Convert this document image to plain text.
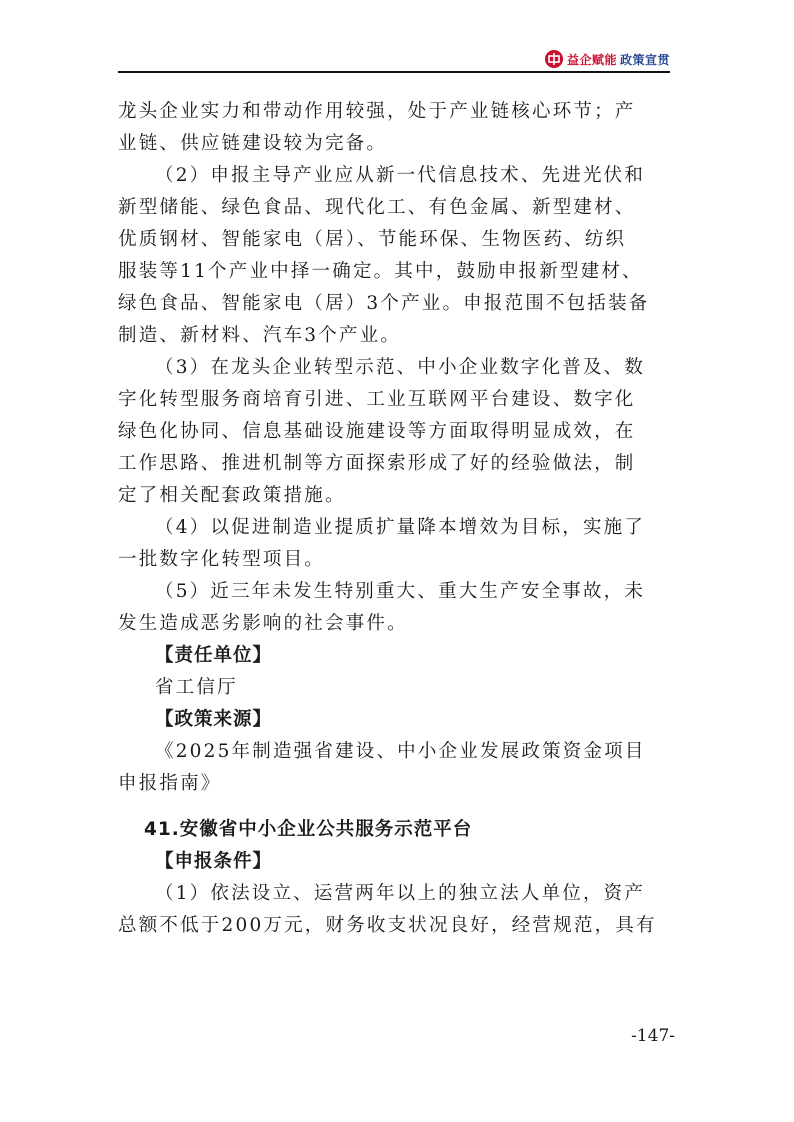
益企赋能 政策宣贯
龙头企业实力和带动作用较强，处于产业链核心环节；产
业链、供应链建设较为完备。
（2）申报主导产业应从新一代信息技术、先进光伏和
新型储能、绿色食品、现代化工、有色金属、新型建材、
优质钢材、智能家电（居）、节能环保、生物医药、纺织
服装等11个产业中择一确定。其中，鼓励申报新型建材、
绿色食品、智能家电（居）3个产业。申报范围不包括装备
制造、新材料、汽车3个产业。
（3）在龙头企业转型示范、中小企业数字化普及、数
字化转型服务商培育引进、工业互联网平台建设、数字化
绿色化协同、信息基础设施建设等方面取得明显成效，在
工作思路、推进机制等方面探索形成了好的经验做法，制
定了相关配套政策措施。
（4）以促进制造业提质扩量降本增效为目标，实施了
一批数字化转型项目。
（5）近三年未发生特别重大、重大生产安全事故，未
发生造成恶劣影响的社会事件。
【责任单位】
省工信厅
【政策来源】
《2025年制造强省建设、中小企业发展政策资金项目
申报指南》
41.安徽省中小企业公共服务示范平台
【申报条件】
（1）依法设立、运营两年以上的独立法人单位，资产
总额不低于200万元，财务收支状况良好，经营规范，具有
-147-
